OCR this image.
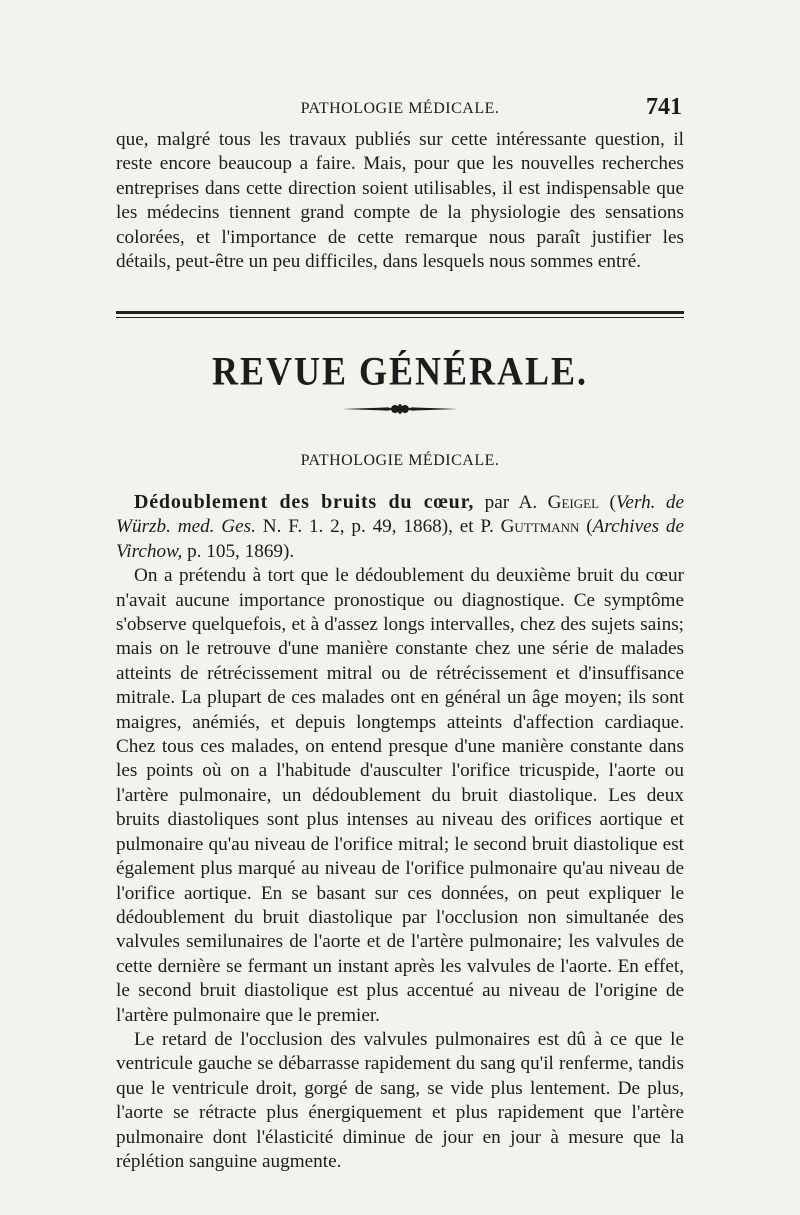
PATHOLOGIE MÉDICALE.	741

que, malgré tous les travaux publiés sur cette intéressante question, il reste encore beaucoup a faire. Mais, pour que les nouvelles recherches entreprises dans cette direction soient utilisables, il est indispensable que les médecins tiennent grand compte de la physiologie des sensations colorées, et l'importance de cette remarque nous paraît justifier les détails, peut-être un peu difficiles, dans lesquels nous sommes entré.

REVUE GÉNÉRALE.
PATHOLOGIE MÉDICALE.

Dédoublement des bruits du cœur, par A. Geigel (Verh. de Würzb. med. Ges. N. F. 1. 2, p. 49, 1868), et P. Guttmann (Archives de Virchow, p. 105, 1869).

On a prétendu à tort que le dédoublement du deuxième bruit du cœur n'avait aucune importance pronostique ou diagnostique. Ce symptôme s'observe quelquefois, et à d'assez longs intervalles, chez des sujets sains; mais on le retrouve d'une manière constante chez une série de malades atteints de rétrécissement mitral ou de rétrécissement et d'insuffisance mitrale. La plupart de ces malades ont en général un âge moyen; ils sont maigres, anémiés, et depuis longtemps atteints d'affection cardiaque. Chez tous ces malades, on entend presque d'une manière constante dans les points où on a l'habitude d'ausculter l'orifice tricuspide, l'aorte ou l'artère pulmonaire, un dédoublement du bruit diastolique. Les deux bruits diastoliques sont plus intenses au niveau des orifices aortique et pulmonaire qu'au niveau de l'orifice mitral; le second bruit diastolique est également plus marqué au niveau de l'orifice pulmonaire qu'au niveau de l'orifice aortique. En se basant sur ces données, on peut expliquer le dédoublement du bruit diastolique par l'occlusion non simultanée des valvules semilunaires de l'aorte et de l'artère pulmonaire; les valvules de cette dernière se fermant un instant après les valvules de l'aorte. En effet, le second bruit diastolique est plus accentué au niveau de l'origine de l'artère pulmonaire que le premier.

Le retard de l'occlusion des valvules pulmonaires est dû à ce que le ventricule gauche se débarrasse rapidement du sang qu'il renferme, tandis que le ventricule droit, gorgé de sang, se vide plus lentement. De plus, l'aorte se rétracte plus énergiquement et plus rapidement que l'artère pulmonaire dont l'élasticité diminue de jour en jour à mesure que la réplétion sanguine augmente.
